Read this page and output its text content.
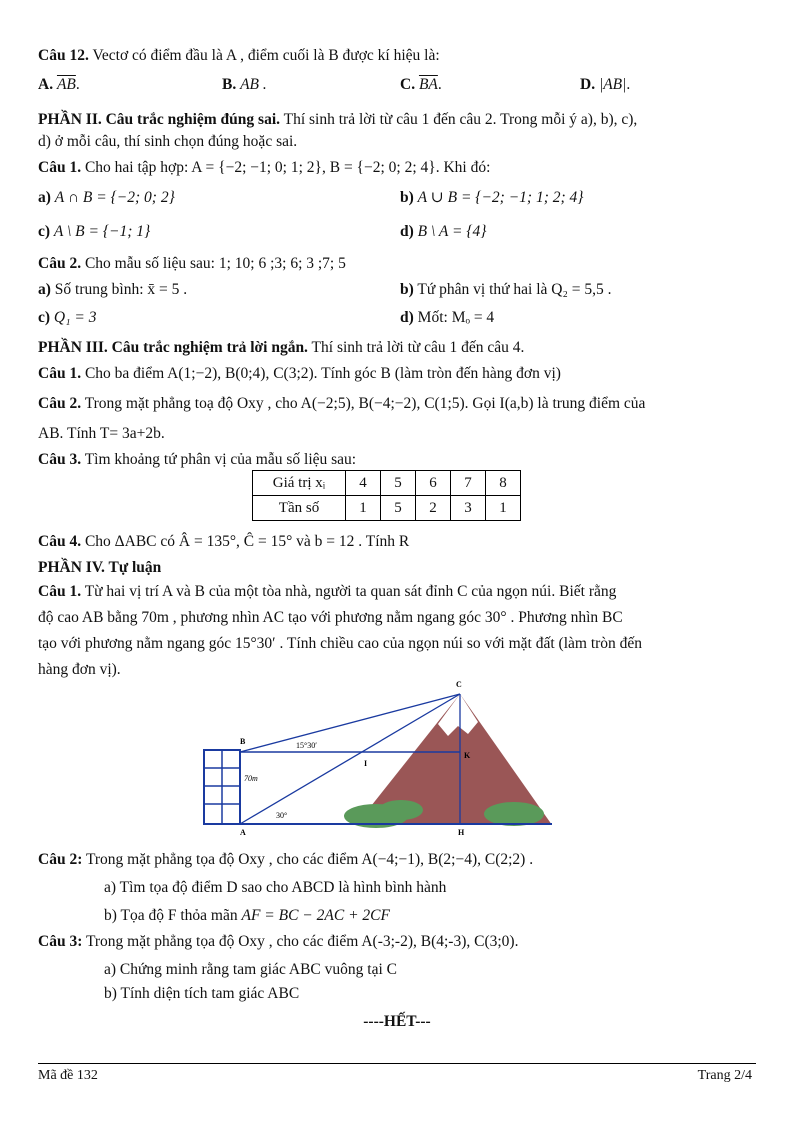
Câu 12. Vectơ có điểm đầu là A , điểm cuối là B được kí hiệu là:
A. $\overline{AB}$.	B. AB .	C. $\overline{BA}$.	D. |AB|.
PHẦN II. Câu trắc nghiệm đúng sai. Thí sinh trả lời từ câu 1 đến câu 2. Trong mỗi ý a), b), c),
d) ở mỗi câu, thí sinh chọn đúng hoặc sai.
Câu 1. Cho hai tập hợp: A = {−2; −1; 0; 1; 2}, B = {−2; 0; 2; 4}. Khi đó:
a) A ∩ B = {−2; 0; 2}	b) A ∪ B = {−2; −1; 1; 2; 4}
c) A \ B = {−1; 1}	d) B \ A = {4}
Câu 2. Cho mẫu số liệu sau: 1; 10; 6 ;3; 6; 3 ;7; 5
a) Số trung bình: x̄ = 5 .	b) Tứ phân vị thứ hai là Q₂ = 5,5 .
c) Q₁ = 3	d) Mốt: Mₒ = 4
PHẦN III. Câu trắc nghiệm trả lời ngắn. Thí sinh trả lời từ câu 1 đến câu 4.
Câu 1. Cho ba điểm A(1;−2), B(0;4), C(3;2). Tính góc B (làm tròn đến hàng đơn vị)
Câu 2. Trong mặt phẳng toạ độ Oxy , cho A(−2;5), B(−4;−2), C(1;5). Gọi I(a,b) là trung điểm của
AB. Tính T= 3a+2b.
Câu 3. Tìm khoảng tứ phân vị của mẫu số liệu sau:
Giá trị xᵢ	4	5	6	7	8
Tần số	1	5	2	3	1
Câu 4. Cho ΔABC có Â = 135°, Ĉ = 15° và b = 12 . Tính R
PHẦN IV. Tự luận
Câu 1. Từ hai vị trí A và B của một tòa nhà, người ta quan sát đỉnh C của ngọn núi. Biết rằng
độ cao AB bằng 70m , phương nhìn AC tạo với phương nằm ngang góc 30° . Phương nhìn BC
tạo với phương nằm ngang góc 15°30′ . Tính chiều cao của ngọn núi so với mặt đất (làm tròn đến
hàng đơn vị).
C
B
A	H
K
I
70m
30°
15°30′
Câu 2: Trong mặt phẳng tọa độ Oxy , cho các điểm A(−4;−1), B(2;−4), C(2;2) .
a) Tìm tọa độ điểm D sao cho ABCD là hình bình hành
b) Tọa độ F thỏa mãn AF = BC − 2AC + 2CF
Câu 3: Trong mặt phẳng tọa độ Oxy , cho các điểm A(-3;-2), B(4;-3), C(3;0).
a) Chứng minh rằng tam giác ABC vuông tại C
b) Tính diện tích tam giác ABC
----HẾT---
Mã đề 132	Trang 2/4
